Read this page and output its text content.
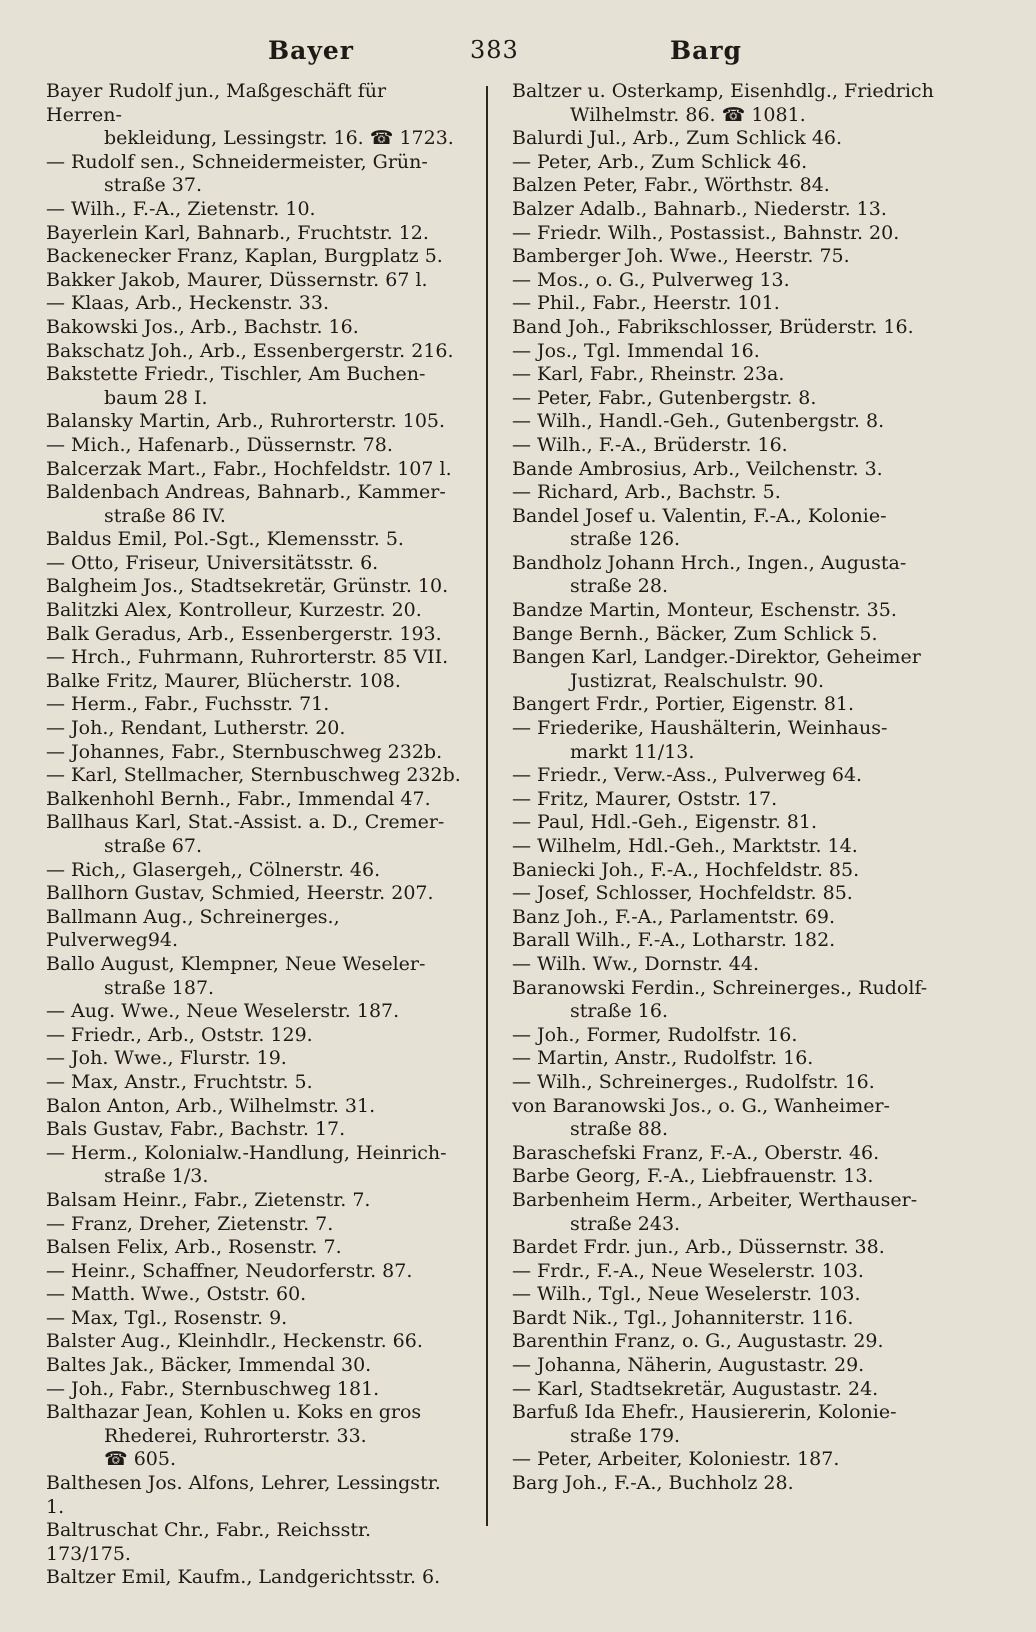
Bayer	383	Barg
Bayer Rudolf jun., Maßgeschäft für Herren-
bekleidung, Lessingstr. 16. ☎ 1723.
— Rudolf sen., Schneidermeister, Grün-
straße 37.
— Wilh., F.-A., Zietenstr. 10.
Bayerlein Karl, Bahnarb., Fruchtstr. 12.
Backenecker Franz, Kaplan, Burgplatz 5.
Bakker Jakob, Maurer, Düssernstr. 67 l.
— Klaas, Arb., Heckenstr. 33.
Bakowski Jos., Arb., Bachstr. 16.
Bakschatz Joh., Arb., Essenbergerstr. 216.
Bakstette Friedr., Tischler, Am Buchen-
baum 28 I.
Balansky Martin, Arb., Ruhrorterstr. 105.
— Mich., Hafenarb., Düssernstr. 78.
Balcerzak Mart., Fabr., Hochfeldstr. 107 l.
Baldenbach Andreas, Bahnarb., Kammer-
straße 86 IV.
Baldus Emil, Pol.-Sgt., Klemensstr. 5.
— Otto, Friseur, Universitätsstr. 6.
Balgheim Jos., Stadtsekretär, Grünstr. 10.
Balitzki Alex, Kontrolleur, Kurzestr. 20.
Balk Geradus, Arb., Essenbergerstr. 193.
— Hrch., Fuhrmann, Ruhrorterstr. 85 VII.
Balke Fritz, Maurer, Blücherstr. 108.
— Herm., Fabr., Fuchsstr. 71.
— Joh., Rendant, Lutherstr. 20.
— Johannes, Fabr., Sternbuschweg 232b.
— Karl, Stellmacher, Sternbuschweg 232b.
Balkenhohl Bernh., Fabr., Immendal 47.
Ballhaus Karl, Stat.-Assist. a. D., Cremer-
straße 67.
— Rich,, Glasergeh,, Cölnerstr. 46.
Ballhorn Gustav, Schmied, Heerstr. 207.
Ballmann Aug., Schreinerges., Pulverweg94.
Ballo August, Klempner, Neue Weseler-
straße 187.
— Aug. Wwe., Neue Weselerstr. 187.
— Friedr., Arb., Oststr. 129.
— Joh. Wwe., Flurstr. 19.
— Max, Anstr., Fruchtstr. 5.
Balon Anton, Arb., Wilhelmstr. 31.
Bals Gustav, Fabr., Bachstr. 17.
— Herm., Kolonialw.-Handlung, Heinrich-
straße 1/3.
Balsam Heinr., Fabr., Zietenstr. 7.
— Franz, Dreher, Zietenstr. 7.
Balsen Felix, Arb., Rosenstr. 7.
— Heinr., Schaffner, Neudorferstr. 87.
— Matth. Wwe., Oststr. 60.
— Max, Tgl., Rosenstr. 9.
Balster Aug., Kleinhdlr., Heckenstr. 66.
Baltes Jak., Bäcker, Immendal 30.
— Joh., Fabr., Sternbuschweg 181.
Balthazar Jean, Kohlen u. Koks en gros
Rhederei, Ruhrorterstr. 33.
☎ 605.
Balthesen Jos. Alfons, Lehrer, Lessingstr. 1.
Baltruschat Chr., Fabr., Reichsstr. 173/175.
Baltzer Emil, Kaufm., Landgerichtsstr. 6.
Baltzer u. Osterkamp, Eisenhdlg., Friedrich
Wilhelmstr. 86. ☎ 1081.
Balurdi Jul., Arb., Zum Schlick 46.
— Peter, Arb., Zum Schlick 46.
Balzen Peter, Fabr., Wörthstr. 84.
Balzer Adalb., Bahnarb., Niederstr. 13.
— Friedr. Wilh., Postassist., Bahnstr. 20.
Bamberger Joh. Wwe., Heerstr. 75.
— Mos., o. G., Pulverweg 13.
— Phil., Fabr., Heerstr. 101.
Band Joh., Fabrikschlosser, Brüderstr. 16.
— Jos., Tgl. Immendal 16.
— Karl, Fabr., Rheinstr. 23a.
— Peter, Fabr., Gutenbergstr. 8.
— Wilh., Handl.-Geh., Gutenbergstr. 8.
— Wilh., F.-A., Brüderstr. 16.
Bande Ambrosius, Arb., Veilchenstr. 3.
— Richard, Arb., Bachstr. 5.
Bandel Josef u. Valentin, F.-A., Kolonie-
straße 126.
Bandholz Johann Hrch., Ingen., Augusta-
straße 28.
Bandze Martin, Monteur, Eschenstr. 35.
Bange Bernh., Bäcker, Zum Schlick 5.
Bangen Karl, Landger.-Direktor, Geheimer
Justizrat, Realschulstr. 90.
Bangert Frdr., Portier, Eigenstr. 81.
— Friederike, Haushälterin, Weinhaus-
markt 11/13.
— Friedr., Verw.-Ass., Pulverweg 64.
— Fritz, Maurer, Oststr. 17.
— Paul, Hdl.-Geh., Eigenstr. 81.
— Wilhelm, Hdl.-Geh., Marktstr. 14.
Baniecki Joh., F.-A., Hochfeldstr. 85.
— Josef, Schlosser, Hochfeldstr. 85.
Banz Joh., F.-A., Parlamentstr. 69.
Barall Wilh., F.-A., Lotharstr. 182.
— Wilh. Ww., Dornstr. 44.
Baranowski Ferdin., Schreinerges., Rudolf-
straße 16.
— Joh., Former, Rudolfstr. 16.
— Martin, Anstr., Rudolfstr. 16.
— Wilh., Schreinerges., Rudolfstr. 16.
von Baranowski Jos., o. G., Wanheimer-
straße 88.
Baraschefski Franz, F.-A., Oberstr. 46.
Barbe Georg, F.-A., Liebfrauenstr. 13.
Barbenheim Herm., Arbeiter, Werthauser-
straße 243.
Bardet Frdr. jun., Arb., Düssernstr. 38.
— Frdr., F.-A., Neue Weselerstr. 103.
— Wilh., Tgl., Neue Weselerstr. 103.
Bardt Nik., Tgl., Johanniterstr. 116.
Barenthin Franz, o. G., Augustastr. 29.
— Johanna, Näherin, Augustastr. 29.
— Karl, Stadtsekretär, Augustastr. 24.
Barfuß Ida Ehefr., Hausiererin, Kolonie-
straße 179.
— Peter, Arbeiter, Koloniestr. 187.
Barg Joh., F.-A., Buchholz 28.
